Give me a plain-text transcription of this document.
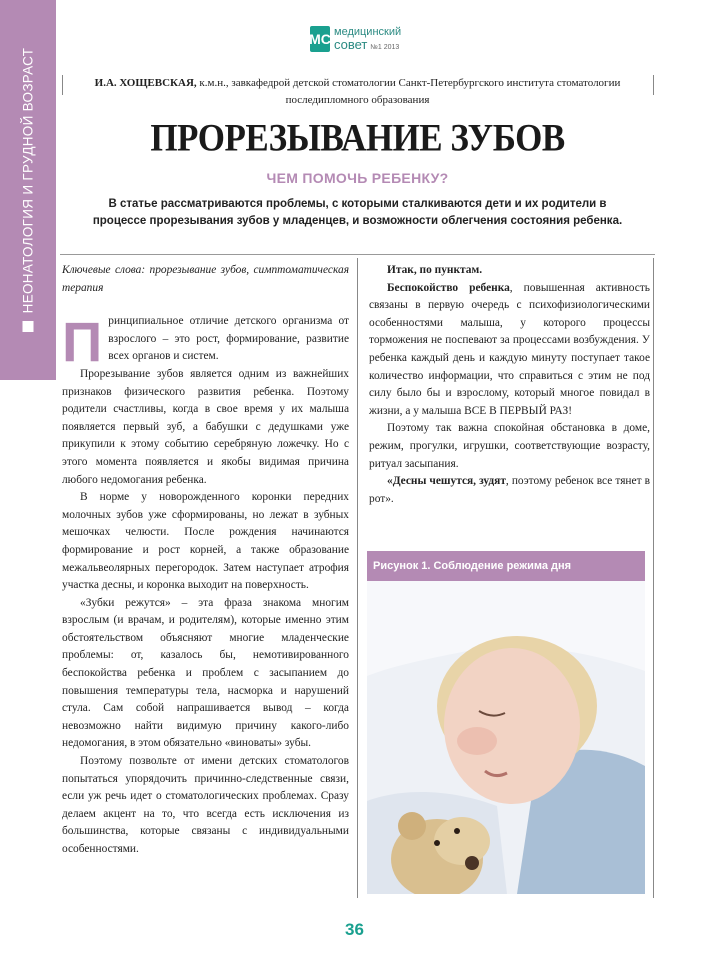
НЕОНАТОЛОГИЯ И ГРУДНОЙ ВОЗРАСТ
MC медицинский
совет №1 2013
И.А. ХОЩЕВСКАЯ, к.м.н., завкафедрой детской стоматологии Санкт-Петербургского института стоматологии последипломного образования
ПРОРЕЗЫВАНИЕ ЗУБОВ
ЧЕМ ПОМОЧЬ РЕБЕНКУ?
В статье рассматриваются проблемы, с которыми сталкиваются дети и их родители в процессе прорезывания зубов у младенцев, и возможности облегчения состояния ребенка.

Ключевые слова: прорезывание зубов, симптоматическая терапия

Принципиальное отличие детского организма от взрослого – это рост, формирование, развитие всех органов и систем.

Прорезывание зубов является одним из важнейших признаков физического развития ребенка. Поэтому родители счастливы, когда в свое время у их малыша появляется первый зуб, а бабушки с дедушками уже прикупили к этому событию серебряную ложечку. Но с этого момента появляется и якобы видимая причина любого недомогания ребенка.

В норме у новорожденного коронки передних молочных зубов уже сформированы, но лежат в зубных мешочках челюсти. После рождения начинаются формирование и рост корней, а также образование межальвеолярных перегородок. Затем наступает атрофия участка десны, и коронка выходит на поверхность.

«Зубки режутся» – эта фраза знакома многим взрослым (и врачам, и родителям), которые именно этим обстоятельством объясняют многие младенческие проблемы: от, казалось бы, немотивированного беспокойства ребенка и проблем с засыпанием до повышения температуры тела, насморка и нарушений стула. Сам собой напрашивается вывод – когда невозможно найти видимую причину какого-либо недомогания, в этом обязательно «виноваты» зубы.

Поэтому позвольте от имени детских стоматологов попытаться упорядочить причинно-следственные связи, если уж речь идет о стоматологических проблемах. Сразу делаем акцент на то, что всегда есть исключения из большинства, которые связаны с индивидуальными особенностями.

Итак, по пунктам.

Беспокойство ребенка, повышенная активность связаны в первую очередь с психофизиологическими особенностями малыша, у которого процессы торможения не поспевают за процессами возбуждения. У ребенка каждый день и каждую минуту поступает такое количество информации, что справиться с этим не под силу было бы и взрослому, который многое повидал в жизни, а у малыша ВСЕ В ПЕРВЫЙ РАЗ!

Поэтому так важна спокойная обстановка в доме, режим, прогулки, игрушки, соответствующие возрасту, ритуал засыпания.

«Десны чешутся, зудят, поэтому ребенок все тянет в рот».

Рисунок 1. Соблюдение режима дня
36
